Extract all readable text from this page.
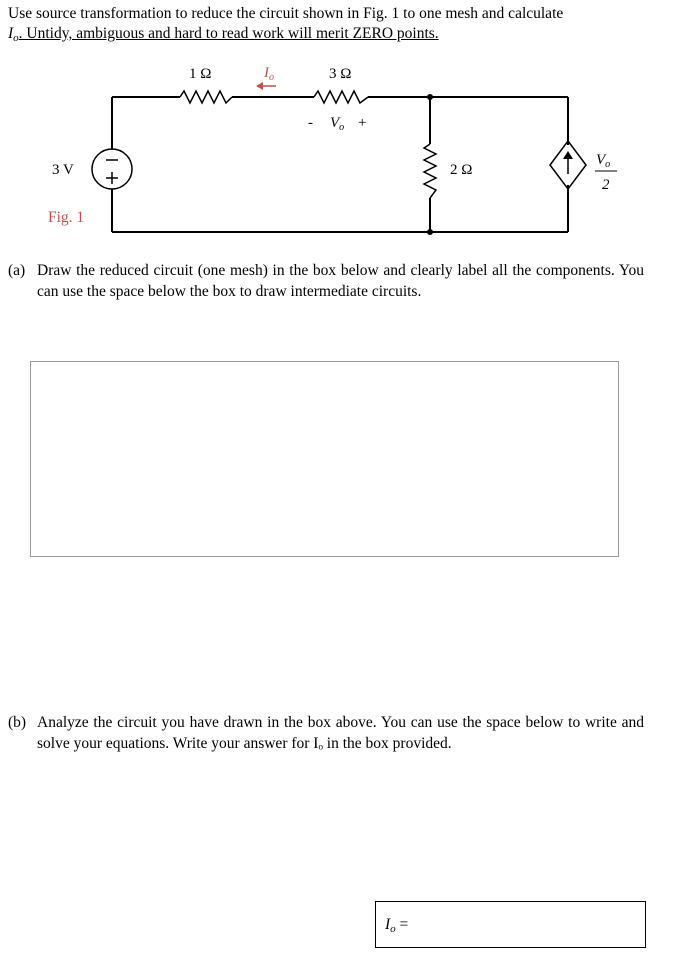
Use source transformation to reduce the circuit shown in Fig. 1 to one mesh and calculate
Io. Untidy, ambiguous and hard to read work will merit ZERO points.
1 Ω	3 Ω
2 Ω
$I_o$
3 V
- $V_o$ +
$V_o$
2
Fig. 1
(a) Draw the reduced circuit (one mesh) in the box below and clearly label all the components. You can use the space below the box to draw intermediate circuits.
(b) Analyze the circuit you have drawn in the box above. You can use the space below to write and solve your equations. Write your answer for Iₒ in the box provided.
Io =
